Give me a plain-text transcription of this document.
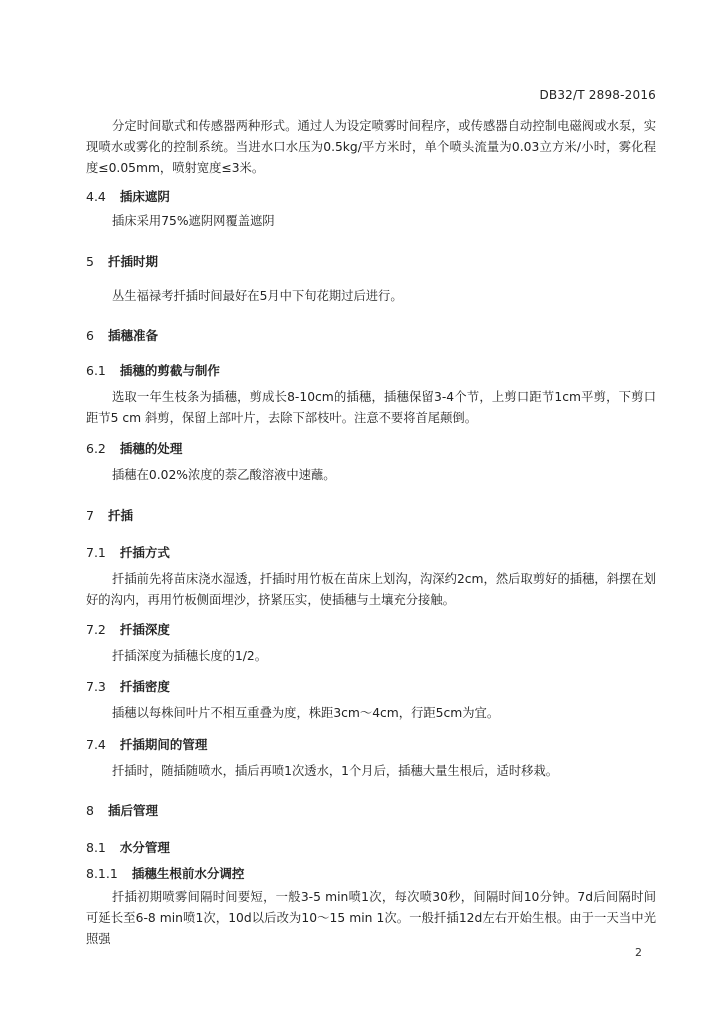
DB32/T 2898-2016
分定时间歇式和传感器两种形式。通过人为设定喷雾时间程序，或传感器自动控制电磁阀或水泵，实现喷水或雾化的控制系统。当进水口水压为0.5kg/平方米时，单个喷头流量为0.03立方米/小时，雾化程度≤0.05mm，喷射宽度≤3米。
4.4 插床遮阴
插床采用75%遮阴网覆盖遮阴
5 扦插时期
丛生福禄考扦插时间最好在5月中下旬花期过后进行。
6 插穗准备
6.1 插穗的剪截与制作
选取一年生枝条为插穗，剪成长8-10cm的插穗，插穗保留3-4个节，上剪口距节1cm平剪，下剪口距节5 cm 斜剪，保留上部叶片，去除下部枝叶。注意不要将首尾颠倒。
6.2 插穗的处理
插穗在0.02%浓度的萘乙酸溶液中速蘸。
7 扦插
7.1 扦插方式
扦插前先将苗床浇水湿透，扦插时用竹板在苗床上划沟，沟深约2cm，然后取剪好的插穗，斜摆在划好的沟内，再用竹板侧面埋沙，挤紧压实，使插穗与土壤充分接触。
7.2 扦插深度
扦插深度为插穗长度的1/2。
7.3 扦插密度
插穗以每株间叶片不相互重叠为度，株距3cm～4cm，行距5cm为宜。
7.4 扦插期间的管理
扦插时，随插随喷水，插后再喷1次透水，1个月后，插穗大量生根后，适时移栽。
8 插后管理
8.1 水分管理
8.1.1 插穗生根前水分调控
扦插初期喷雾间隔时间要短，一般3-5 min喷1次，每次喷30秒，间隔时间10分钟。7d后间隔时间可延长至6-8 min喷1次，10d以后改为10～15 min 1次。一般扦插12d左右开始生根。由于一天当中光照强
2
